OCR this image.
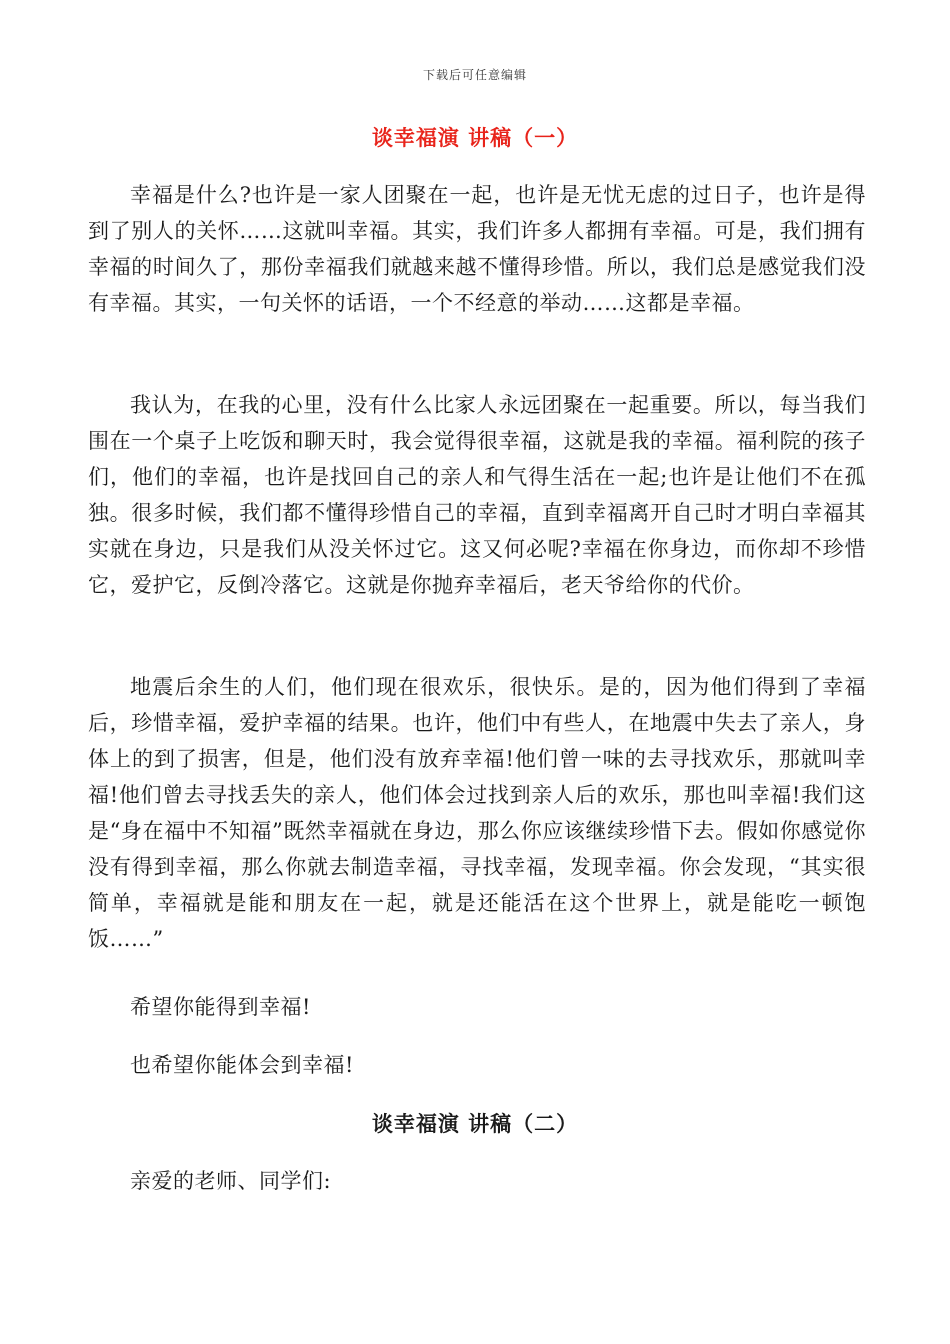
下载后可任意编辑
谈幸福演 讲稿（一）

幸福是什么?也许是一家人团聚在一起，也许是无忧无虑的过日子，也许是得到了别人的关怀……这就叫幸福。其实，我们许多人都拥有幸福。可是，我们拥有幸福的时间久了，那份幸福我们就越来越不懂得珍惜。所以，我们总是感觉我们没有幸福。其实，一句关怀的话语，一个不经意的举动……这都是幸福。

我认为，在我的心里，没有什么比家人永远团聚在一起重要。所以，每当我们围在一个桌子上吃饭和聊天时，我会觉得很幸福，这就是我的幸福。福利院的孩子们，他们的幸福，也许是找回自己的亲人和气得生活在一起;也许是让他们不在孤独。很多时候，我们都不懂得珍惜自己的幸福，直到幸福离开自己时才明白幸福其实就在身边，只是我们从没关怀过它。这又何必呢?幸福在你身边，而你却不珍惜它，爱护它，反倒冷落它。这就是你抛弃幸福后，老天爷给你的代价。

地震后余生的人们，他们现在很欢乐，很快乐。是的，因为他们得到了幸福后，珍惜幸福，爱护幸福的结果。也许，他们中有些人，在地震中失去了亲人，身体上的到了损害，但是，他们没有放弃幸福!他们曾一味的去寻找欢乐，那就叫幸福!他们曾去寻找丢失的亲人，他们体会过找到亲人后的欢乐，那也叫幸福!我们这是“身在福中不知福”既然幸福就在身边，那么你应该继续珍惜下去。假如你感觉你没有得到幸福，那么你就去制造幸福，寻找幸福，发现幸福。你会发现，“其实很简单，幸福就是能和朋友在一起，就是还能活在这个世界上，就是能吃一顿饱饭……”

希望你能得到幸福!

也希望你能体会到幸福!

谈幸福演 讲稿（二）

亲爱的老师、同学们:
